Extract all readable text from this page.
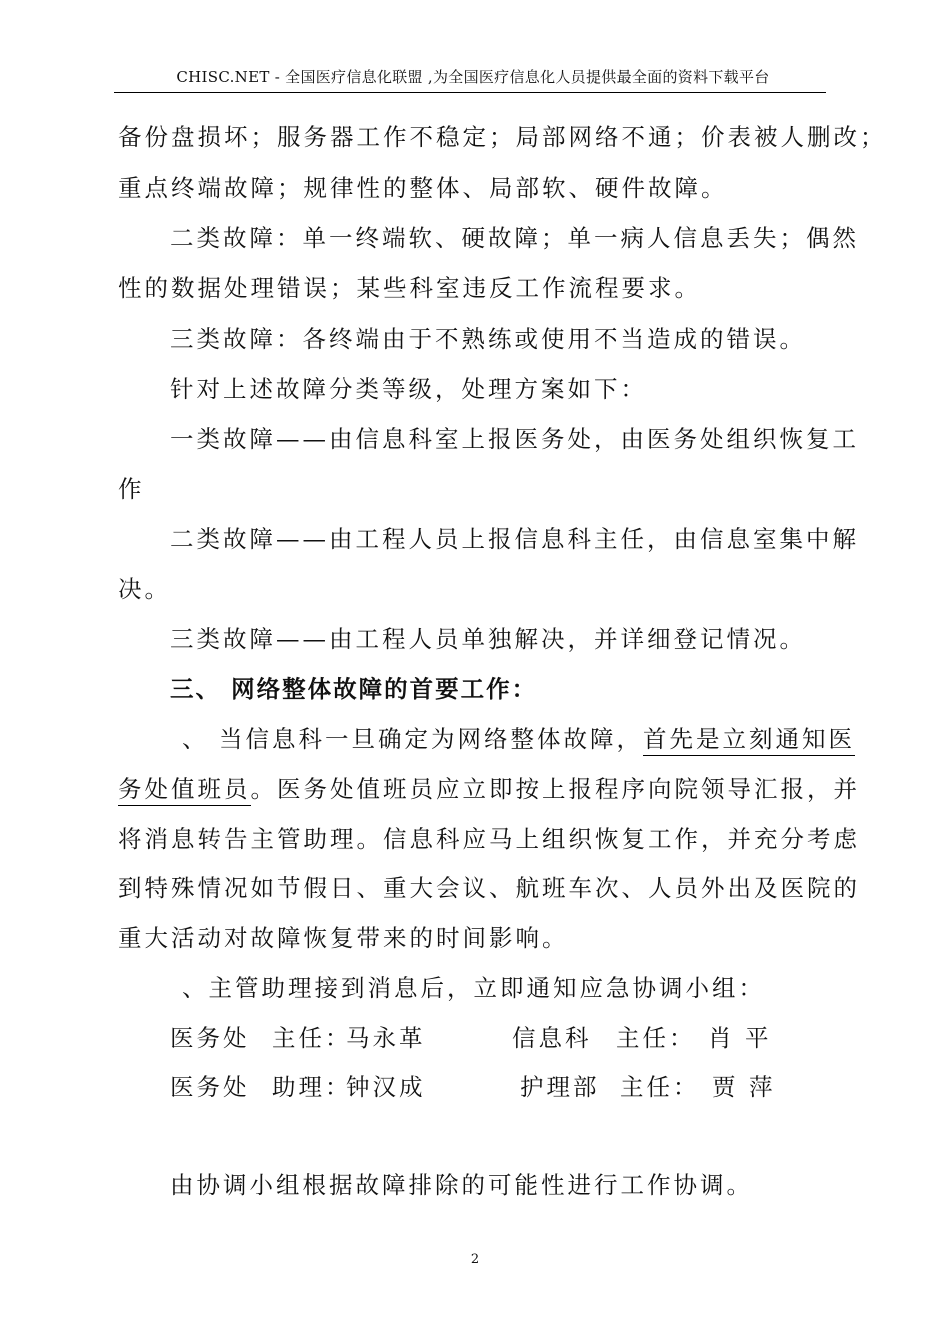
CHISC.NET - 全国医疗信息化联盟 ,为全国医疗信息化人员提供最全面的资料下载平台
备份盘损坏；服务器工作不稳定；局部网络不通；价表被人删改；
重点终端故障；规律性的整体、局部软、硬件故障。
二类故障：单一终端软、硬故障；单一病人信息丢失；偶然
性的数据处理错误；某些科室违反工作流程要求。
三类故障：各终端由于不熟练或使用不当造成的错误。
针对上述故障分类等级，处理方案如下：
一类故障——由信息科室上报医务处，由医务处组织恢复工
作
二类故障——由工程人员上报信息科主任，由信息室集中解
决。
三类故障——由工程人员单独解决，并详细登记情况。
三、 网络整体故障的首要工作：
、 当信息科一旦确定为网络整体故障，首先是立刻通知医
务处值班员。医务处值班员应立即按上报程序向院领导汇报，并
将消息转告主管助理。信息科应马上组织恢复工作，并充分考虑
到特殊情况如节假日、重大会议、航班车次、人员外出及医院的
重大活动对故障恢复带来的时间影响。
、主管助理接到消息后，立即通知应急协调小组：
医务处 主任：
马永革	信息科 主任： 肖 平
医务处 助理：
钟汉成	护理部 主任： 贾 萍
由协调小组根据故障排除的可能性进行工作协调。
2
